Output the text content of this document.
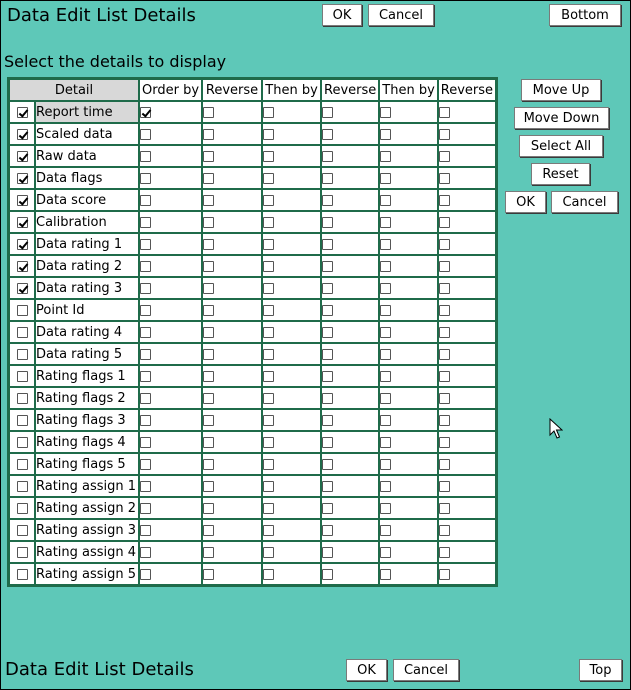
Data Edit List Details	OK	Cancel	Bottom
Select the details to display
Detail		Order by	Reverse	Then by	Reverse	Then by	Reverse
	Report time						
	Scaled data						
	Raw data						
	Data flags						
	Data score						
	Calibration						
	Data rating 1						
	Data rating 2						
	Data rating 3						
	Point Id						
	Data rating 4						
	Data rating 5						
	Rating flags 1						
	Rating flags 2						
	Rating flags 3						
	Rating flags 4						
	Rating flags 5						
	Rating assign 1						
	Rating assign 2						
	Rating assign 3						
	Rating assign 4						
	Rating assign 5						
Move Up
Move Down
Select All
Reset
OK	Cancel
Data Edit List Details	OK	Cancel	Top
